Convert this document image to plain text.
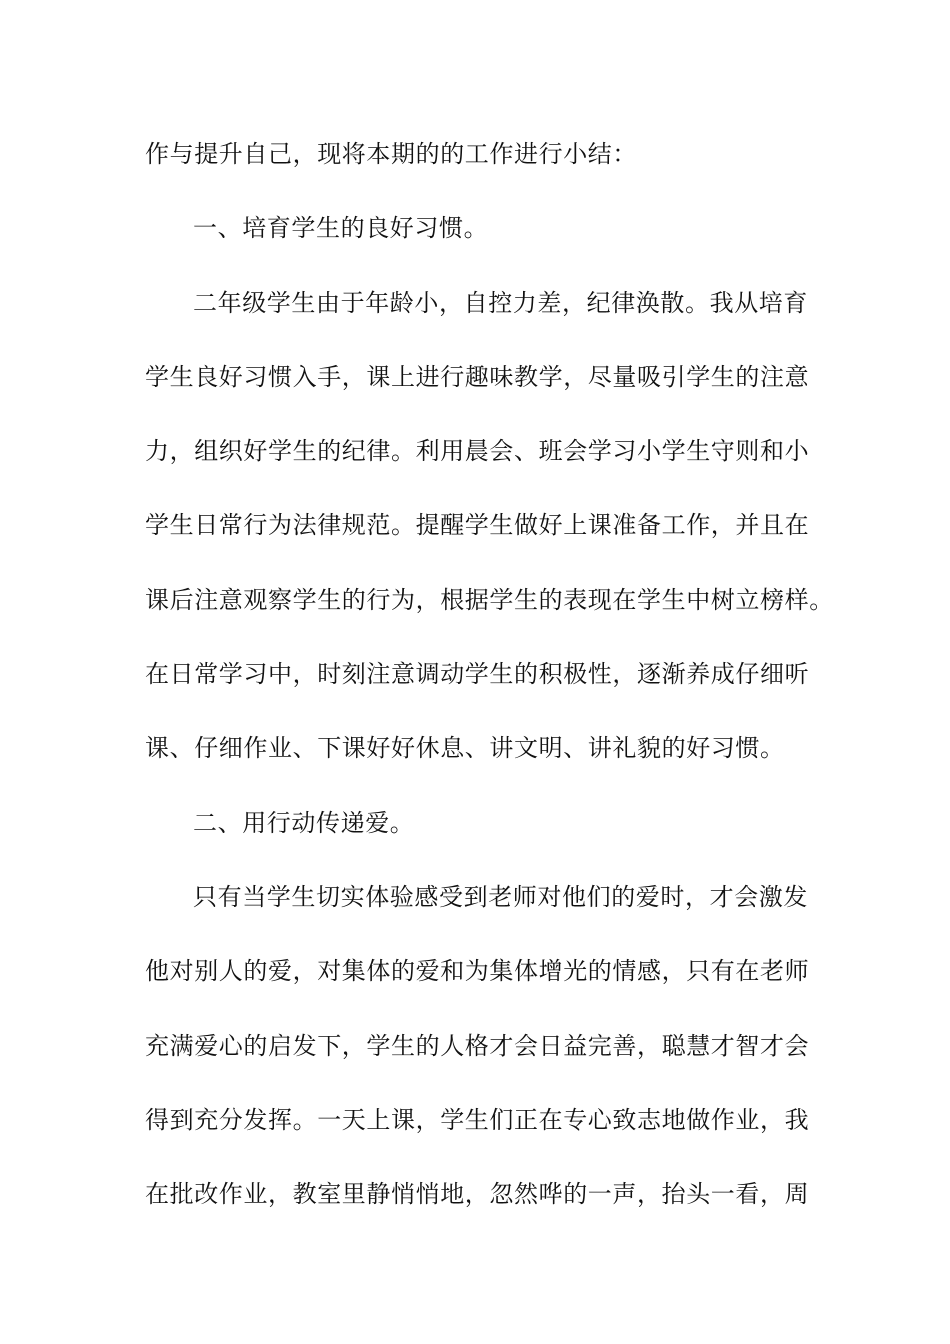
作与提升自己，现将本期的的工作进行小结：
一、培育学生的良好习惯。
二年级学生由于年龄小，自控力差，纪律涣散。我从培育
学生良好习惯入手，课上进行趣味教学，尽量吸引学生的注意
力，组织好学生的纪律。利用晨会、班会学习小学生守则和小
学生日常行为法律规范。提醒学生做好上课准备工作，并且在
课后注意观察学生的行为，根据学生的表现在学生中树立榜样。
在日常学习中，时刻注意调动学生的积极性，逐渐养成仔细听
课、仔细作业、下课好好休息、讲文明、讲礼貌的好习惯。
二、用行动传递爱。
只有当学生切实体验感受到老师对他们的爱时，才会激发
他对别人的爱，对集体的爱和为集体增光的情感，只有在老师
充满爱心的启发下，学生的人格才会日益完善，聪慧才智才会
得到充分发挥。一天上课，学生们正在专心致志地做作业，我
在批改作业，教室里静悄悄地，忽然哗的一声，抬头一看，周
